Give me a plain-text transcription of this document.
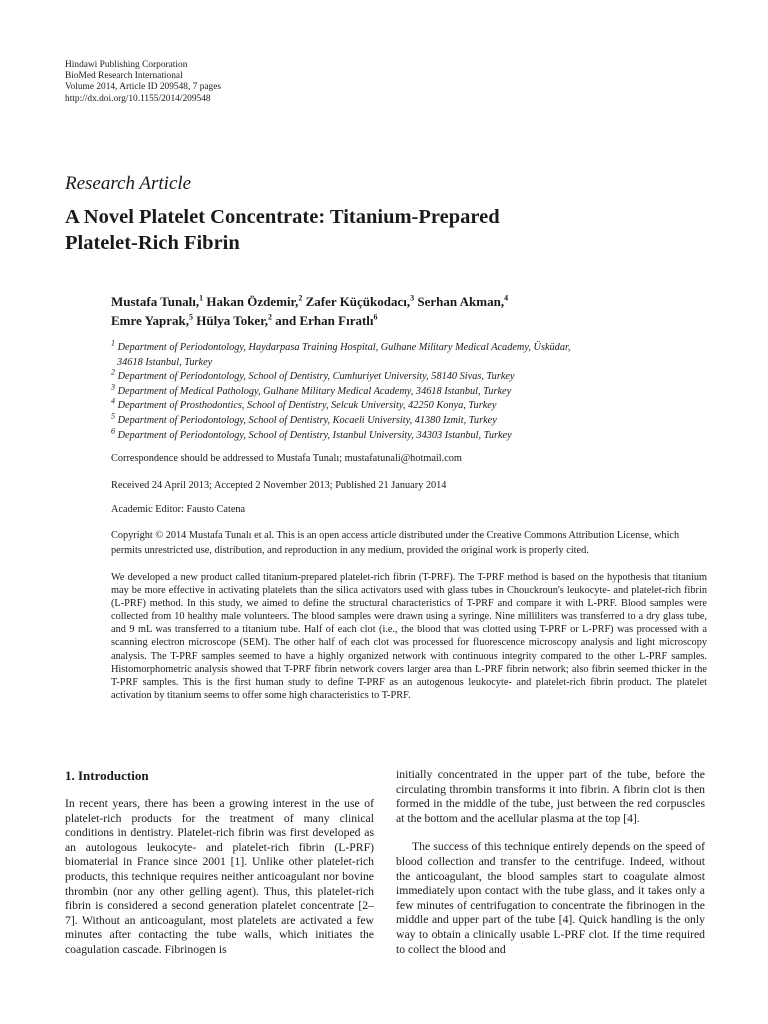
Hindawi Publishing Corporation
BioMed Research International
Volume 2014, Article ID 209548, 7 pages
http://dx.doi.org/10.1155/2014/209548
Research Article
A Novel Platelet Concentrate: Titanium-Prepared
Platelet-Rich Fibrin
Mustafa Tunalı,$^1$ Hakan Özdemir,$^2$ Zafer Küçükodacı,$^3$ Serhan Akman,$^4$
Emre Yaprak,$^5$ Hülya Toker,$^2$ and Erhan Fıratlı$^6$
$^1$ Department of Periodontology, Haydarpasa Training Hospital, Gulhane Military Medical Academy, Üsküdar,
34618 Istanbul, Turkey
$^2$ Department of Periodontology, School of Dentistry, Cumhuriyet University, 58140 Sivas, Turkey
$^3$ Department of Medical Pathology, Gulhane Military Medical Academy, 34618 Istanbul, Turkey
$^4$ Department of Prosthodontics, School of Dentistry, Selcuk University, 42250 Konya, Turkey
$^5$ Department of Periodontology, School of Dentistry, Kocaeli University, 41380 Izmit, Turkey
$^6$ Department of Periodontology, School of Dentistry, Istanbul University, 34303 Istanbul, Turkey
Correspondence should be addressed to Mustafa Tunalı; mustafatunali@hotmail.com
Received 24 April 2013; Accepted 2 November 2013; Published 21 January 2014
Academic Editor: Fausto Catena
Copyright © 2014 Mustafa Tunalı et al. This is an open access article distributed under the Creative Commons Attribution License, which permits unrestricted use, distribution, and reproduction in any medium, provided the original work is properly cited.
We developed a new product called titanium-prepared platelet-rich fibrin (T-PRF). The T-PRF method is based on the hypothesis that titanium may be more effective in activating platelets than the silica activators used with glass tubes in Chouckroun's leukocyte- and platelet-rich fibrin (L-PRF) method. In this study, we aimed to define the structural characteristics of T-PRF and compare it with L-PRF. Blood samples were collected from 10 healthy male volunteers. The blood samples were drawn using a syringe. Nine milliliters was transferred to a dry glass tube, and 9 mL was transferred to a titanium tube. Half of each clot (i.e., the blood that was clotted using T-PRF or L-PRF) was processed with a scanning electron microscope (SEM). The other half of each clot was processed for fluorescence microscopy analysis and light microscopy analysis. The T-PRF samples seemed to have a highly organized network with continuous integrity compared to the other L-PRF samples. Histomorphometric analysis showed that T-PRF fibrin network covers larger area than L-PRF fibrin network; also fibrin seemed thicker in the T-PRF samples. This is the first human study to define T-PRF as an autogenous leukocyte- and platelet-rich fibrin product. The platelet activation by titanium seems to offer some high characteristics to T-PRF.
1. Introduction

In recent years, there has been a growing interest in the use of platelet-rich products for the treatment of many clinical conditions in dentistry. Platelet-rich fibrin was first developed as an autologous leukocyte- and platelet-rich fibrin (L-PRF) biomaterial in France since 2001 [1]. Unlike other platelet-rich products, this technique requires neither anticoagulant nor bovine thrombin (nor any other gelling agent). Thus, this platelet-rich fibrin is considered a second generation platelet concentrate [2–7]. Without an anticoagulant, most platelets are activated a few minutes after contacting the tube walls, which initiates the coagulation cascade. Fibrinogen is

initially concentrated in the upper part of the tube, before the circulating thrombin transforms it into fibrin. A fibrin clot is then formed in the middle of the tube, just between the red corpuscles at the bottom and the acellular plasma at the top [4].

The success of this technique entirely depends on the speed of blood collection and transfer to the centrifuge. Indeed, without the anticoagulant, the blood samples start to coagulate almost immediately upon contact with the tube glass, and it takes only a few minutes of centrifugation to concentrate the fibrinogen in the middle and upper part of the tube [4]. Quick handling is the only way to obtain a clinically usable L-PRF clot. If the time required to collect the blood and
